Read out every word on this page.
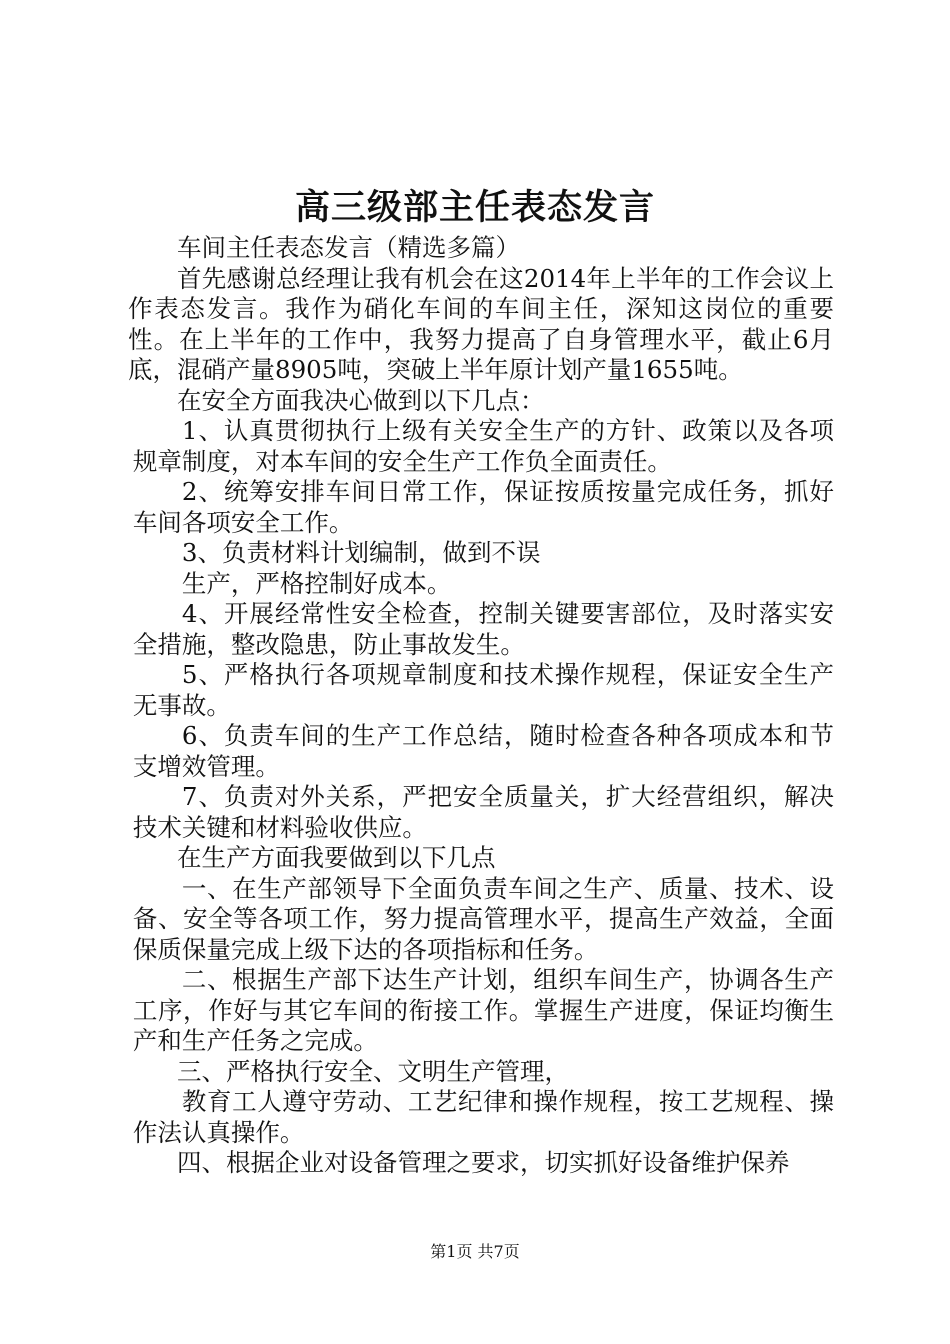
高三级部主任表态发言

车间主任表态发言（精选多篇）

首先感谢总经理让我有机会在这2014年上半年的工作会议上作表态发言。我作为硝化车间的车间主任，深知这岗位的重要性。在上半年的工作中，我努力提高了自身管理水平，截止6月底，混硝产量8905吨，突破上半年原计划产量1655吨。

在安全方面我决心做到以下几点：

1、认真贯彻执行上级有关安全生产的方针、政策以及各项规章制度，对本车间的安全生产工作负全面责任。

2、统筹安排车间日常工作，保证按质按量完成任务，抓好车间各项安全工作。

3、负责材料计划编制，做到不误

生产，严格控制好成本。

4、开展经常性安全检查，控制关键要害部位，及时落实安全措施，整改隐患，防止事故发生。

5、严格执行各项规章制度和技术操作规程，保证安全生产无事故。

6、负责车间的生产工作总结，随时检查各种各项成本和节支增效管理。

7、负责对外关系，严把安全质量关，扩大经营组织，解决技术关键和材料验收供应。

在生产方面我要做到以下几点

一、在生产部领导下全面负责车间之生产、质量、技术、设备、安全等各项工作，努力提高管理水平，提高生产效益，全面保质保量完成上级下达的各项指标和任务。

二、根据生产部下达生产计划，组织车间生产，协调各生产工序，作好与其它车间的衔接工作。掌握生产进度，保证均衡生产和生产任务之完成。

三、严格执行安全、文明生产管理，

教育工人遵守劳动、工艺纪律和操作规程，按工艺规程、操作法认真操作。

四、根据企业对设备管理之要求，切实抓好设备维护保养

第1页 共7页
